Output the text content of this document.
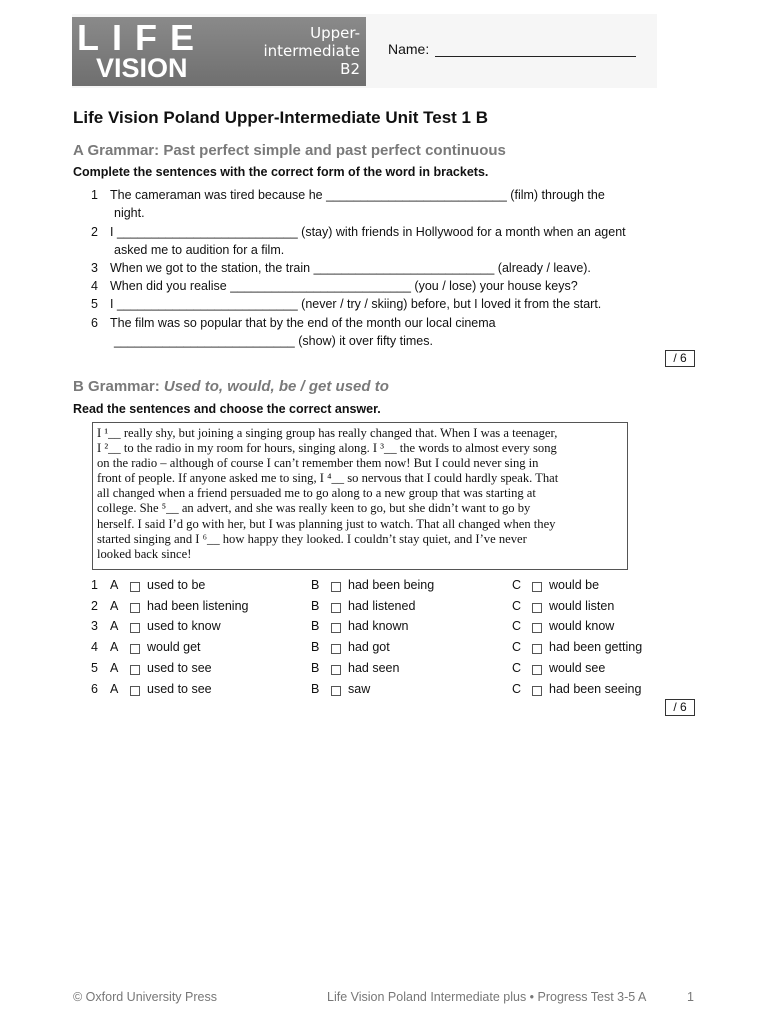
LIFE
VISION
Upper-intermediate
B2
Name:
Life Vision Poland Upper-Intermediate Unit Test 1 B
A Grammar: Past perfect simple and past perfect continuous
Complete the sentences with the correct form of the word in brackets.
1 The cameraman was tired because he __________________________ (film) through the
night.
2 I __________________________ (stay) with friends in Hollywood for a month when an agent
asked me to audition for a film.
3 When we got to the station, the train __________________________ (already / leave).
4 When did you realise __________________________ (you / lose) your house keys?
5 I __________________________ (never / try / skiing) before, but I loved it from the start.
6 The film was so popular that by the end of the month our local cinema
__________________________ (show) it over fifty times.
/ 6
B Grammar: Used to, would, be / get used to
Read the sentences and choose the correct answer.

I ¹__ really shy, but joining a singing group has really changed that. When I was a teenager,

I ²__ to the radio in my room for hours, singing along. I ³__ the words to almost every song

on the radio – although of course I can’t remember them now! But I could never sing in

front of people. If anyone asked me to sing, I ⁴__ so nervous that I could hardly speak. That

all changed when a friend persuaded me to go along to a new group that was starting at

college. She ⁵__ an advert, and she was really keen to go, but she didn’t want to go by

herself. I said I’d go with her, but I was planning just to watch. That all changed when they

started singing and I ⁶__ how happy they looked. I couldn’t stay quiet, and I’ve never

looked back since!

1 A used to be	B had been being	C would be
2 A had been listening	B had listened	C would listen
3 A used to know	B had known	C would know
4 A would get	B had got	C had been getting
5 A used to see	B had seen	C would see
6 A used to see	B saw	C had been seeing
/ 6
© Oxford University Press	Life Vision Poland Intermediate plus • Progress Test 3-5 A	1
